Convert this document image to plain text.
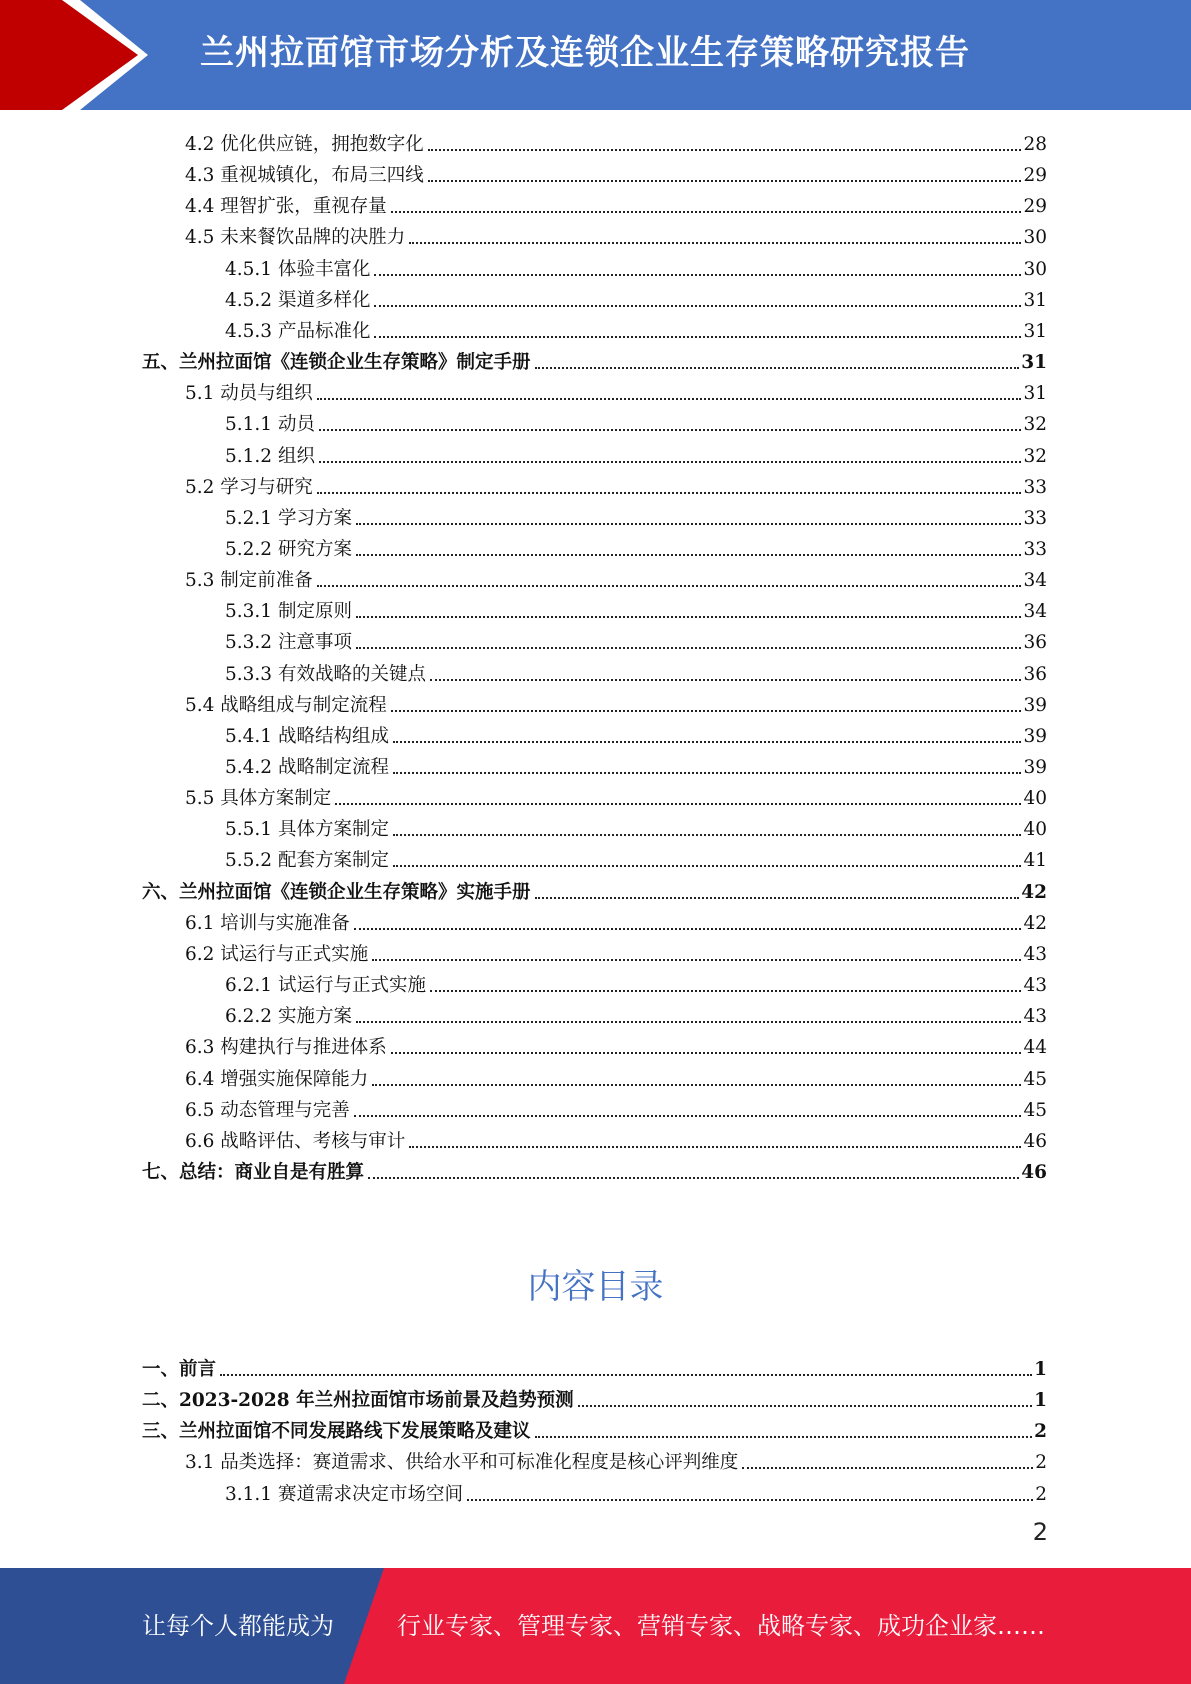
兰州拉面馆市场分析及连锁企业生存策略研究报告
4.2 优化供应链，拥抱数字化	28
4.3 重视城镇化，布局三四线	29
4.4 理智扩张，重视存量	29
4.5 未来餐饮品牌的决胜力	30
4.5.1 体验丰富化	30
4.5.2 渠道多样化	31
4.5.3 产品标准化	31
五、兰州拉面馆《连锁企业生存策略》制定手册	31
5.1 动员与组织	31
5.1.1 动员	32
5.1.2 组织	32
5.2 学习与研究	33
5.2.1 学习方案	33
5.2.2 研究方案	33
5.3 制定前准备	34
5.3.1 制定原则	34
5.3.2 注意事项	36
5.3.3 有效战略的关键点	36
5.4 战略组成与制定流程	39
5.4.1 战略结构组成	39
5.4.2 战略制定流程	39
5.5 具体方案制定	40
5.5.1 具体方案制定	40
5.5.2 配套方案制定	41
六、兰州拉面馆《连锁企业生存策略》实施手册	42
6.1 培训与实施准备	42
6.2 试运行与正式实施	43
6.2.1 试运行与正式实施	43
6.2.2 实施方案	43
6.3 构建执行与推进体系	44
6.4 增强实施保障能力	45
6.5 动态管理与完善	45
6.6 战略评估、考核与审计	46
七、总结：商业自是有胜算	46
内容目录
一、前言	1
二、2023-2028 年兰州拉面馆市场前景及趋势预测	1
三、兰州拉面馆不同发展路线下发展策略及建议	2
3.1 品类选择：赛道需求、供给水平和可标准化程度是核心评判维度	2
3.1.1 赛道需求决定市场空间	2
2
让每个人都能成为	行业专家、管理专家、营销专家、战略专家、成功企业家……
